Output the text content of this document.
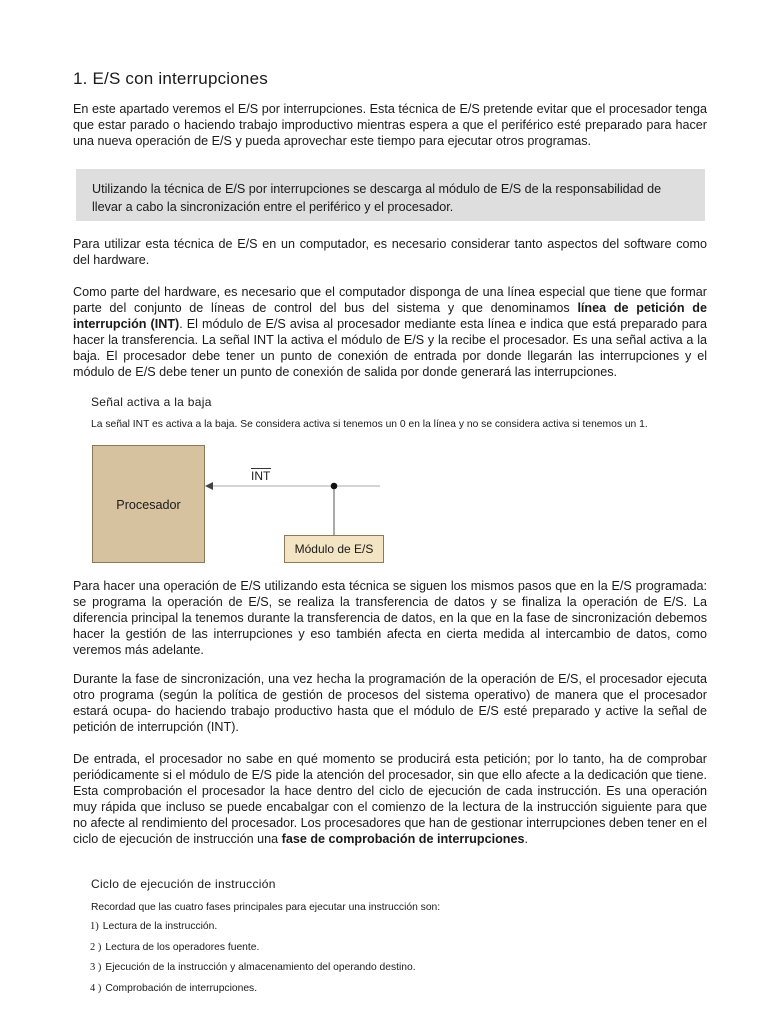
1. E/S con interrupciones

En este apartado veremos el E/S por interrupciones. Esta técnica de E/S pretende evitar que el procesador tenga que estar parado o haciendo trabajo improductivo mientras espera a que el periférico esté preparado para hacer una nueva operación de E/S y pueda aprovechar este tiempo para ejecutar otros programas.

Utilizando la técnica de E/S por interrupciones se descarga al módulo de E/S de la responsabilidad de llevar a cabo la sincronización entre el periférico y el procesador.

Para utilizar esta técnica de E/S en un computador, es necesario considerar tanto aspectos del software como del hardware.

Como parte del hardware, es necesario que el computador disponga de una línea especial que tiene que formar parte del conjunto de líneas de control del bus del sistema y que denominamos línea de petición de interrupción (INT). El módulo de E/S avisa al procesador mediante esta línea e indica que está preparado para hacer la transferencia. La señal INT la activa el módulo de E/S y la recibe el procesador. Es una señal activa a la baja. El procesador debe tener un punto de conexión de entrada por donde llegarán las interrupciones y el módulo de E/S debe tener un punto de conexión de salida por donde generará las interrupciones.

Señal activa a la baja
La señal INT es activa a la baja. Se considera activa si tenemos un 0 en la línea y no se considera activa si tenemos un 1.
Procesador
Módulo de E/S
INT

Para hacer una operación de E/S utilizando esta técnica se siguen los mismos pasos que en la E/S programada: se programa la operación de E/S, se realiza la transferencia de datos y se finaliza la operación de E/S. La diferencia principal la tenemos durante la transferencia de datos, en la que en la fase de sincronización debemos hacer la gestión de las interrupciones y eso también afecta en cierta medida al intercambio de datos, como veremos más adelante.

Durante la fase de sincronización, una vez hecha la programación de la operación de E/S, el procesador ejecuta otro programa (según la política de gestión de procesos del sistema operativo) de manera que el procesador estará ocupa- do haciendo trabajo productivo hasta que el módulo de E/S esté preparado y active la señal de petición de interrupción (INT).

De entrada, el procesador no sabe en qué momento se producirá esta petición; por lo tanto, ha de comprobar periódicamente si el módulo de E/S pide la atención del procesador, sin que ello afecte a la dedicación que tiene. Esta comprobación el procesador la hace dentro del ciclo de ejecución de cada instrucción. Es una operación muy rápida que incluso se puede encabalgar con el comienzo de la lectura de la instrucción siguiente para que no afecte al rendimiento del procesador. Los procesadores que han de gestionar interrupciones deben tener en el ciclo de ejecución de instrucción una fase de comprobación de interrupciones.

Ciclo de ejecución de instrucción
Recordad que las cuatro fases principales para ejecutar una instrucción son:
1) Lectura de la instrucción.
2 ) Lectura de los operadores fuente.
3 ) Ejecución de la instrucción y almacenamiento del operando destino.
4 ) Comprobación de interrupciones.
